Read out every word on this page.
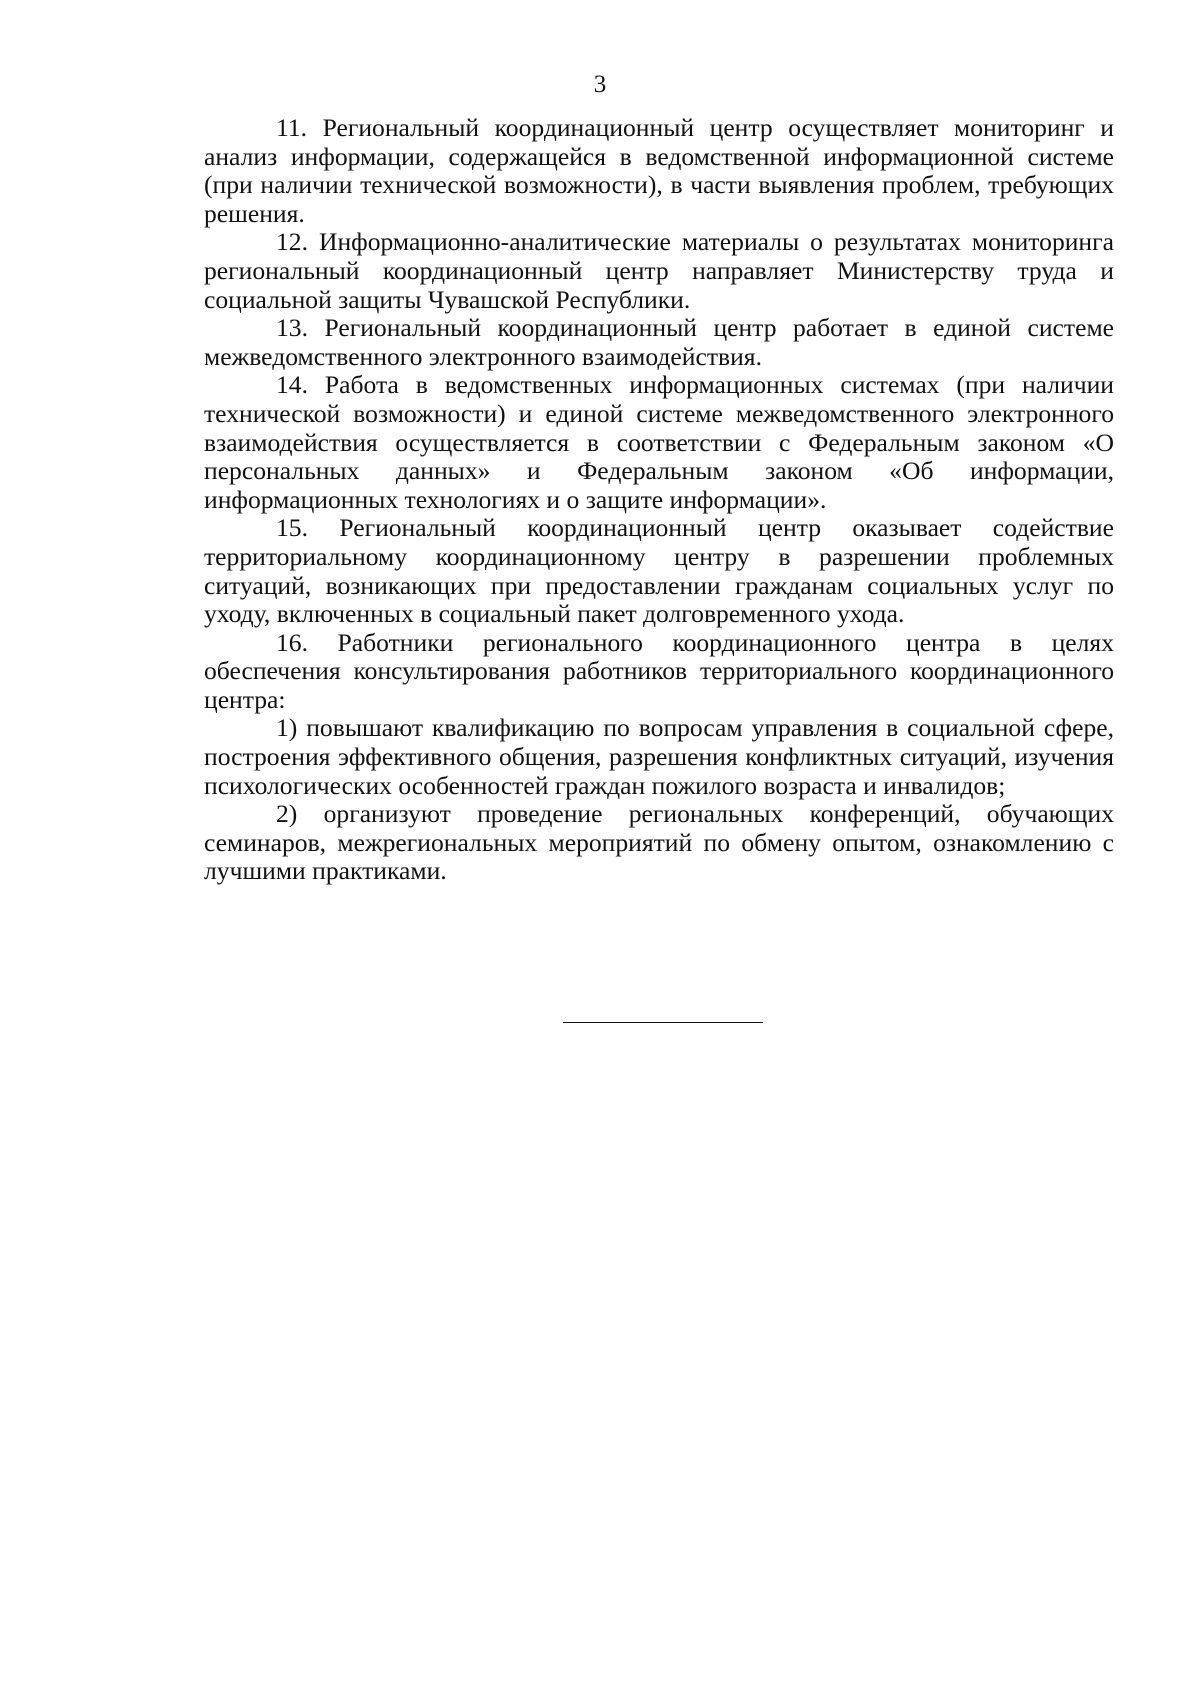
3

11. Региональный координационный центр осуществляет мониторинг и анализ информации, содержащейся в ведомственной информационной системе (при наличии технической возможности), в части выявления проблем, требующих решения.

12. Информационно-аналитические материалы о результатах мониторинга региональный координационный центр направляет Министерству труда и социальной защиты Чувашской Республики.

13. Региональный координационный центр работает в единой системе межведомственного электронного взаимодействия.

14. Работа в ведомственных информационных системах (при наличии технической возможности) и единой системе межведомственного электронного взаимодействия осуществляется в соответствии с Федеральным законом «О персональных данных» и Федеральным законом «Об информации, информационных технологиях и о защите информации».

15. Региональный координационный центр оказывает содействие территориальному координационному центру в разрешении проблемных ситуаций, возникающих при предоставлении гражданам социальных услуг по уходу, включенных в социальный пакет долговременного ухода.

16. Работники регионального координационного центра в целях обеспечения консультирования работников территориального координационного центра:

1) повышают квалификацию по вопросам управления в социальной сфере, построения эффективного общения, разрешения конфликтных ситуаций, изучения психологических особенностей граждан пожилого возраста и инвалидов;

2) организуют проведение региональных конференций, обучающих семинаров, межрегиональных мероприятий по обмену опытом, ознакомлению с лучшими практиками.
